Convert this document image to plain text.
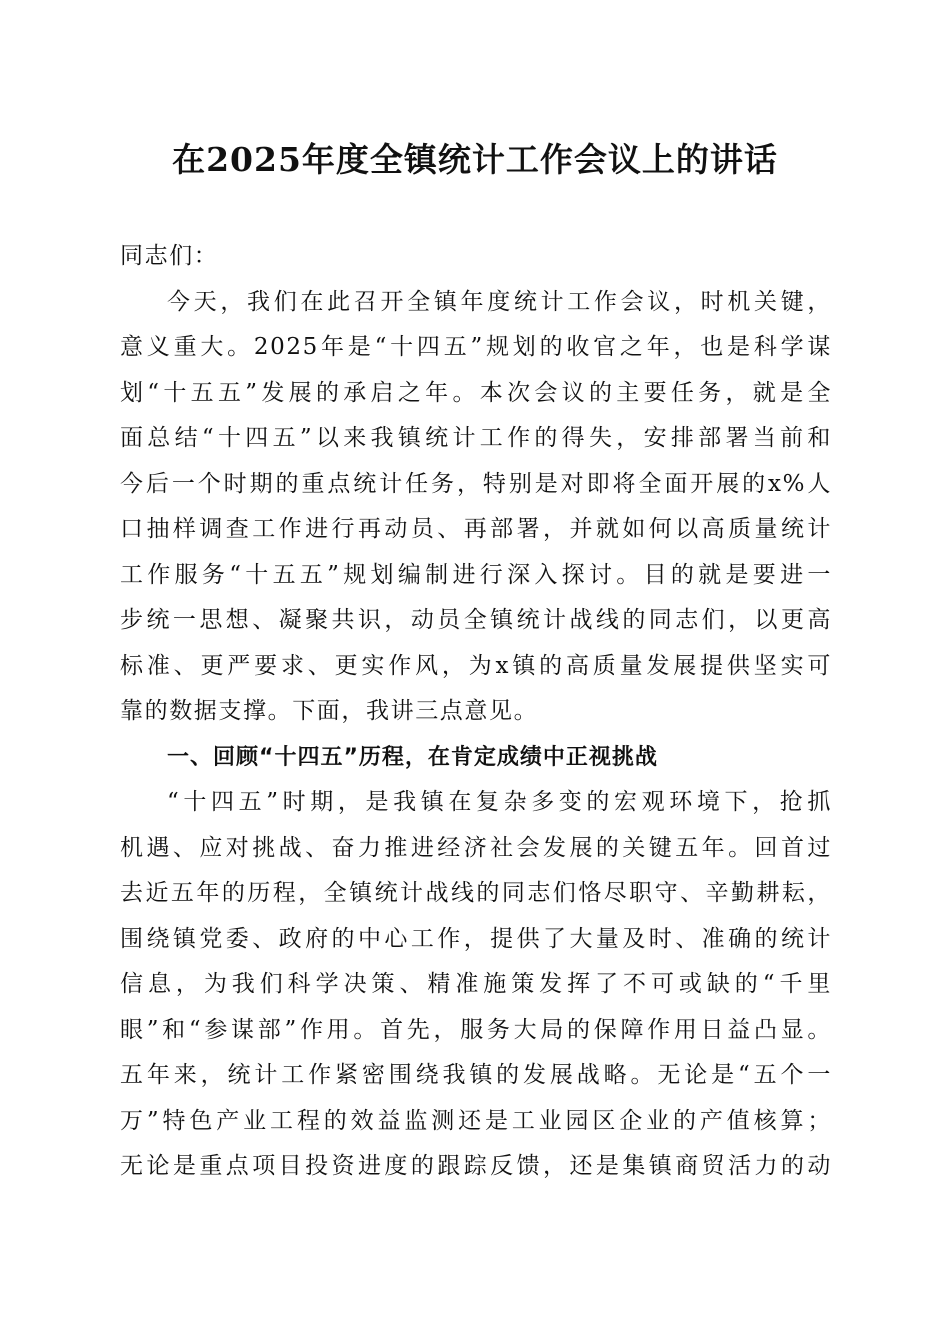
在2025年度全镇统计工作会议上的讲话
同志们：
今天，我们在此召开全镇年度统计工作会议，时机关键，
意义重大。2025年是“十四五”规划的收官之年，也是科学谋
划“十五五”发展的承启之年。本次会议的主要任务，就是全
面总结“十四五”以来我镇统计工作的得失，安排部署当前和
今后一个时期的重点统计任务，特别是对即将全面开展的x%人
口抽样调查工作进行再动员、再部署，并就如何以高质量统计
工作服务“十五五”规划编制进行深入探讨。目的就是要进一
步统一思想、凝聚共识，动员全镇统计战线的同志们，以更高
标准、更严要求、更实作风，为x镇的高质量发展提供坚实可
靠的数据支撑。下面，我讲三点意见。
一、回顾“十四五”历程，在肯定成绩中正视挑战
“十四五”时期，是我镇在复杂多变的宏观环境下，抢抓
机遇、应对挑战、奋力推进经济社会发展的关键五年。回首过
去近五年的历程，全镇统计战线的同志们恪尽职守、辛勤耕耘，
围绕镇党委、政府的中心工作，提供了大量及时、准确的统计
信息，为我们科学决策、精准施策发挥了不可或缺的“千里
眼”和“参谋部”作用。首先，服务大局的保障作用日益凸显。
五年来，统计工作紧密围绕我镇的发展战略。无论是“五个一
万”特色产业工程的效益监测还是工业园区企业的产值核算；
无论是重点项目投资进度的跟踪反馈，还是集镇商贸活力的动
